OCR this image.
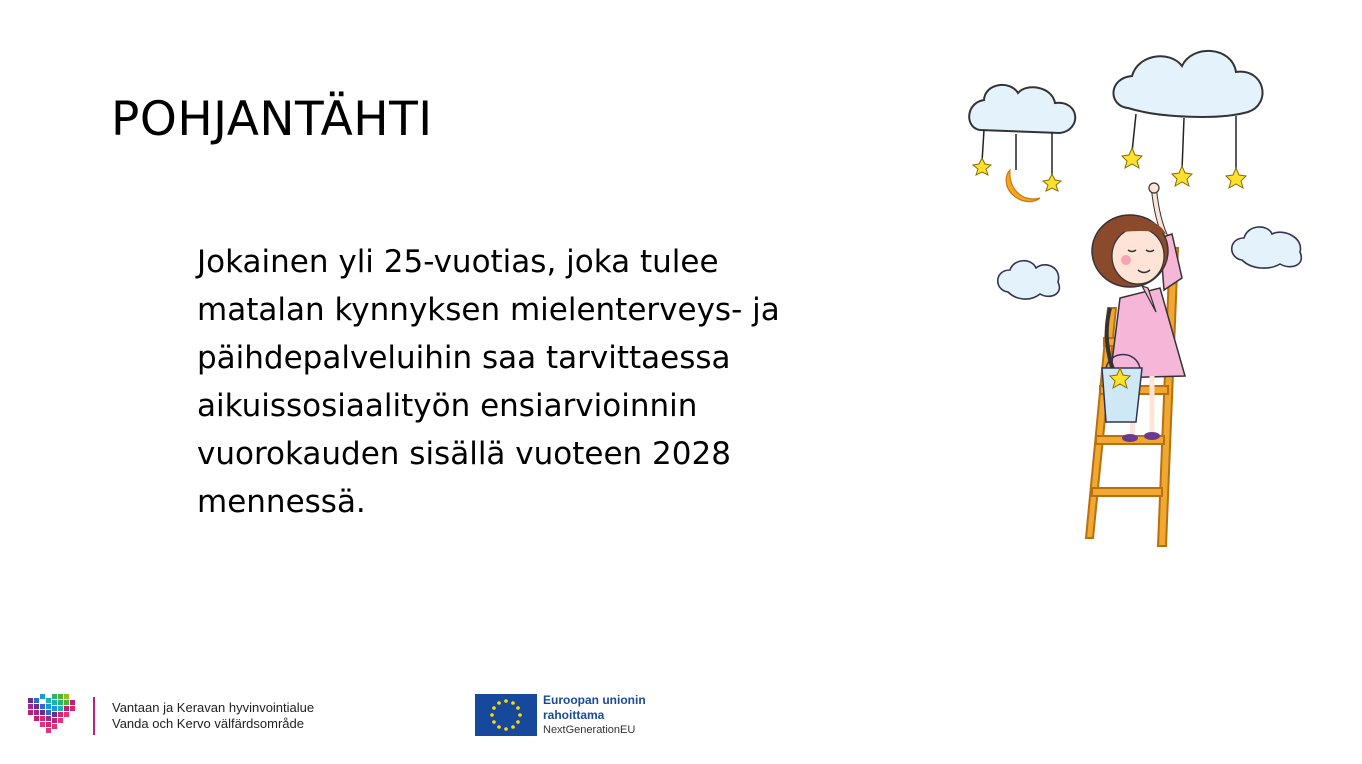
POHJANTÄHTI

Jokainen yli 25-vuotias, joka tulee matalan kynnyksen mielenterveys- ja päihdepalveluihin saa tarvittaessa aikuissosiaalityön ensiarvioinnin vuorokauden sisällä vuoteen 2028 mennessä.

Vantaan ja Keravan hyvinvointialue
Vanda och Kervo välfärdsområde
Euroopan unionin
rahoittama
NextGenerationEU
